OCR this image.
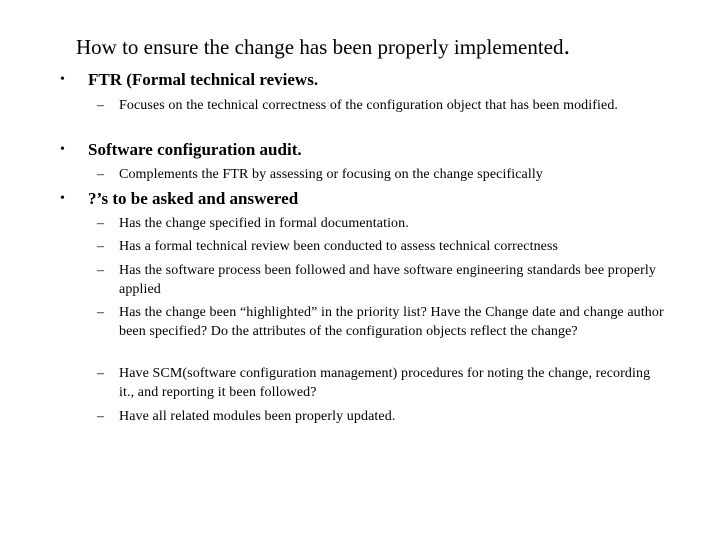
How to ensure the change has been properly implemented.
• FTR (Formal technical reviews.
– Focuses on the technical correctness of the configuration object that has been modified.
• Software configuration audit.
– Complements the FTR by assessing or focusing on the change specifically
• ?’s to be asked and answered
– Has the change specified in formal documentation.
– Has a formal technical review been conducted to assess technical correctness
– Has the software process been followed and have software engineering standards bee properly applied
– Has the change been “highlighted” in the priority list? Have the Change date and change author been specified? Do the attributes of the configuration objects reflect the change?
– Have SCM(software configuration management) procedures for noting the change, recording it., and reporting it been followed?
– Have all related modules been properly updated.
